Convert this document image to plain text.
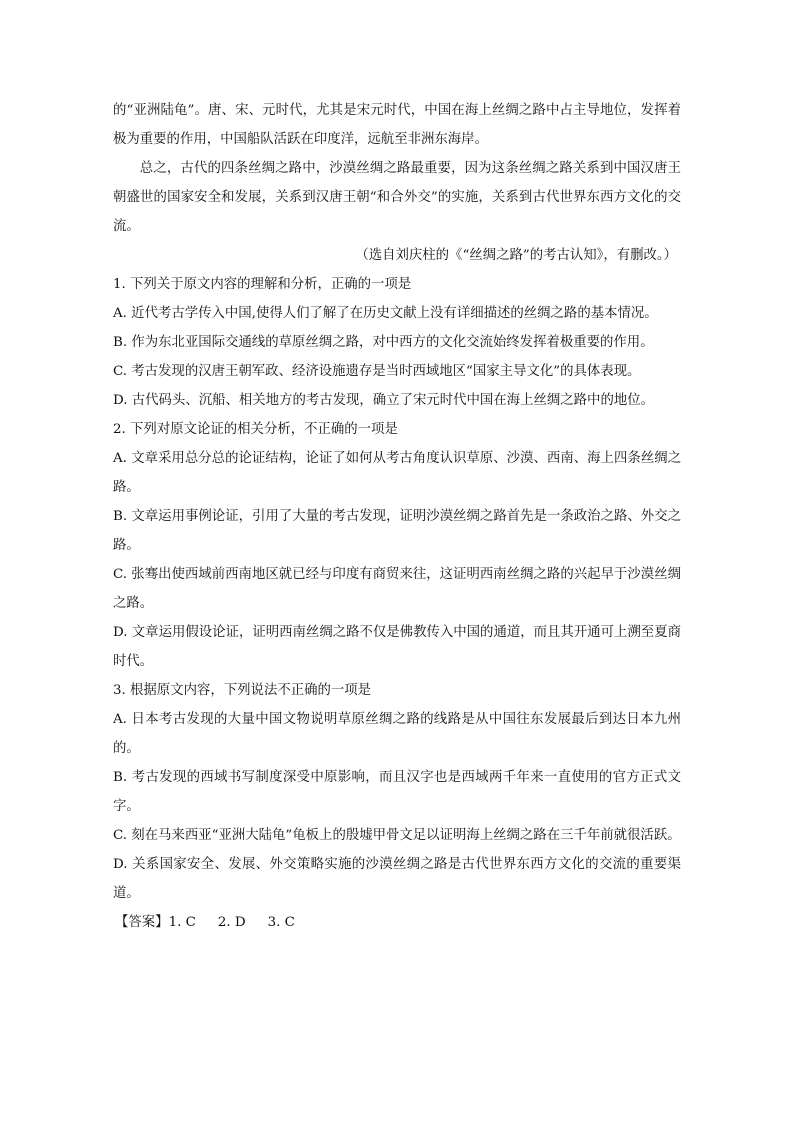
的“亚洲陆龟”。唐、宋、元时代，尤其是宋元时代，中国在海上丝绸之路中占主导地位，发挥着极为重要的作用，中国船队活跃在印度洋，远航至非洲东海岸。

总之，古代的四条丝绸之路中，沙漠丝绸之路最重要，因为这条丝绸之路关系到中国汉唐王朝盛世的国家安全和发展，关系到汉唐王朝“和合外交”的实施，关系到古代世界东西方文化的交流。

（选自刘庆柱的《“丝绸之路”的考古认知》，有删改。）

1. 下列关于原文内容的理解和分析，正确的一项是

A. 近代考古学传入中国,使得人们了解了在历史文献上没有详细描述的丝绸之路的基本情况。

B. 作为东北亚国际交通线的草原丝绸之路，对中西方的文化交流始终发挥着极重要的作用。

C. 考古发现的汉唐王朝军政、经济设施遗存是当时西域地区“国家主导文化”的具体表现。

D. 古代码头、沉船、相关地方的考古发现，确立了宋元时代中国在海上丝绸之路中的地位。

2. 下列对原文论证的相关分析，不正确的一项是

A. 文章采用总分总的论证结构，论证了如何从考古角度认识草原、沙漠、西南、海上四条丝绸之路。

B. 文章运用事例论证，引用了大量的考古发现，证明沙漠丝绸之路首先是一条政治之路、外交之路。

C. 张骞出使西域前西南地区就已经与印度有商贸来往，这证明西南丝绸之路的兴起早于沙漠丝绸之路。

D. 文章运用假设论证，证明西南丝绸之路不仅是佛教传入中国的通道，而且其开通可上溯至夏商时代。

3. 根据原文内容，下列说法不正确的一项是

A. 日本考古发现的大量中国文物说明草原丝绸之路的线路是从中国往东发展最后到达日本九州的。

B. 考古发现的西域书写制度深受中原影响，而且汉字也是西域两千年来一直使用的官方正式文字。

C. 刻在马来西亚“亚洲大陆龟”龟板上的殷墟甲骨文足以证明海上丝绸之路在三千年前就很活跃。

D. 关系国家安全、发展、外交策略实施的沙漠丝绸之路是古代世界东西方文化的交流的重要渠道。

【答案】1. C 2. D 3. C
